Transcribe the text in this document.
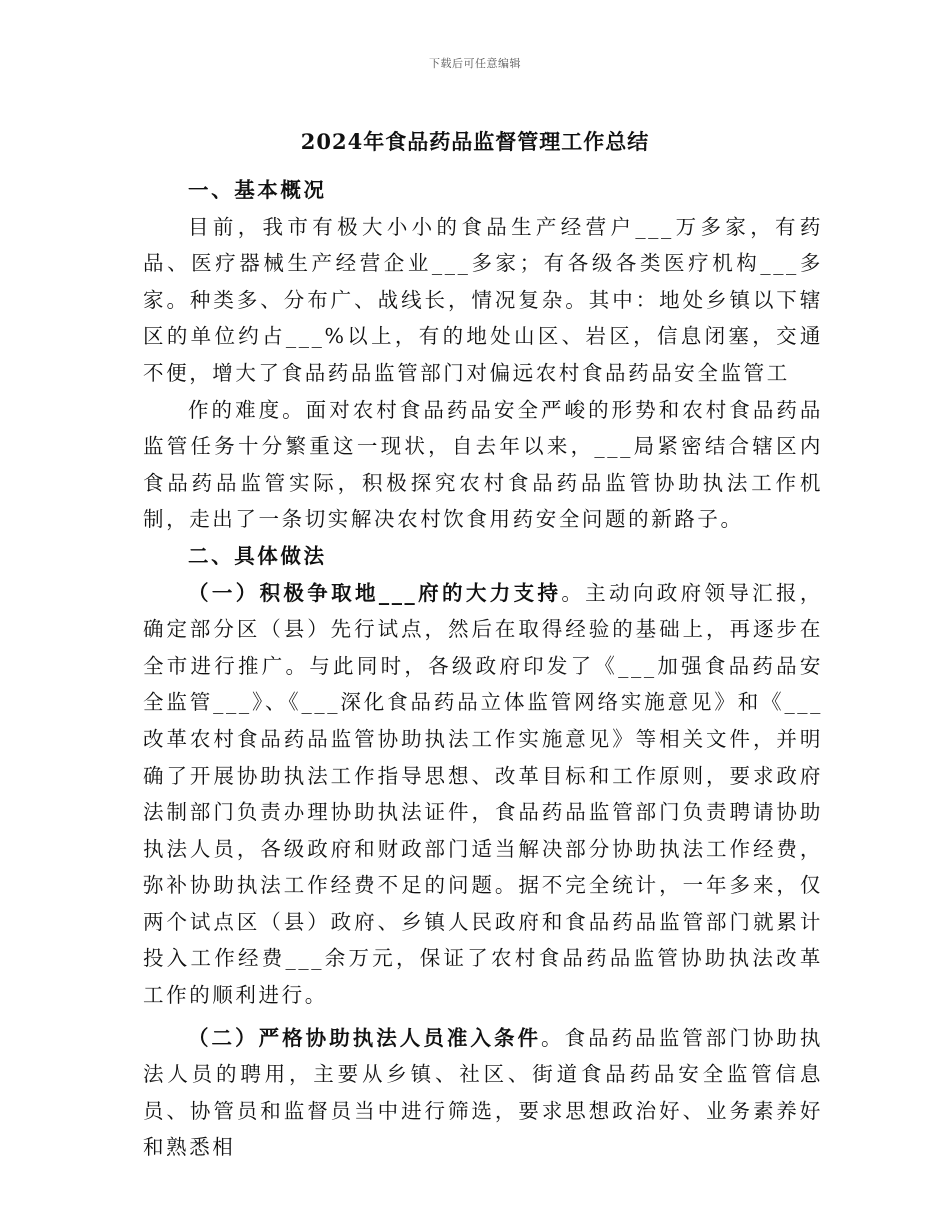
下载后可任意编辑
2024年食品药品监督管理工作总结

一、基本概况

目前，我市有极大小小的食品生产经营户___万多家，有药品、医疗器械生产经营企业___多家；有各级各类医疗机构___多家。种类多、分布广、战线长，情况复杂。其中：地处乡镇以下辖区的单位约占___%以上，有的地处山区、岩区，信息闭塞，交通不便，增大了食品药品监管部门对偏远农村食品药品安全监管工

作的难度。面对农村食品药品安全严峻的形势和农村食品药品监管任务十分繁重这一现状，自去年以来，___局紧密结合辖区内食品药品监管实际，积极探究农村食品药品监管协助执法工作机制，走出了一条切实解决农村饮食用药安全问题的新路子。

二、具体做法

（一）积极争取地___府的大力支持。主动向政府领导汇报，确定部分区（县）先行试点，然后在取得经验的基础上，再逐步在全市进行推广。与此同时，各级政府印发了《___加强食品药品安全监管___》、《___深化食品药品立体监管网络实施意见》和《___改革农村食品药品监管协助执法工作实施意见》等相关文件，并明确了开展协助执法工作指导思想、改革目标和工作原则，要求政府法制部门负责办理协助执法证件，食品药品监管部门负责聘请协助执法人员，各级政府和财政部门适当解决部分协助执法工作经费，弥补协助执法工作经费不足的问题。据不完全统计，一年多来，仅两个试点区（县）政府、乡镇人民政府和食品药品监管部门就累计投入工作经费___余万元，保证了农村食品药品监管协助执法改革工作的顺利进行。

（二）严格协助执法人员准入条件。食品药品监管部门协助执法人员的聘用，主要从乡镇、社区、街道食品药品安全监管信息员、协管员和监督员当中进行筛选，要求思想政治好、业务素养好和熟悉相
